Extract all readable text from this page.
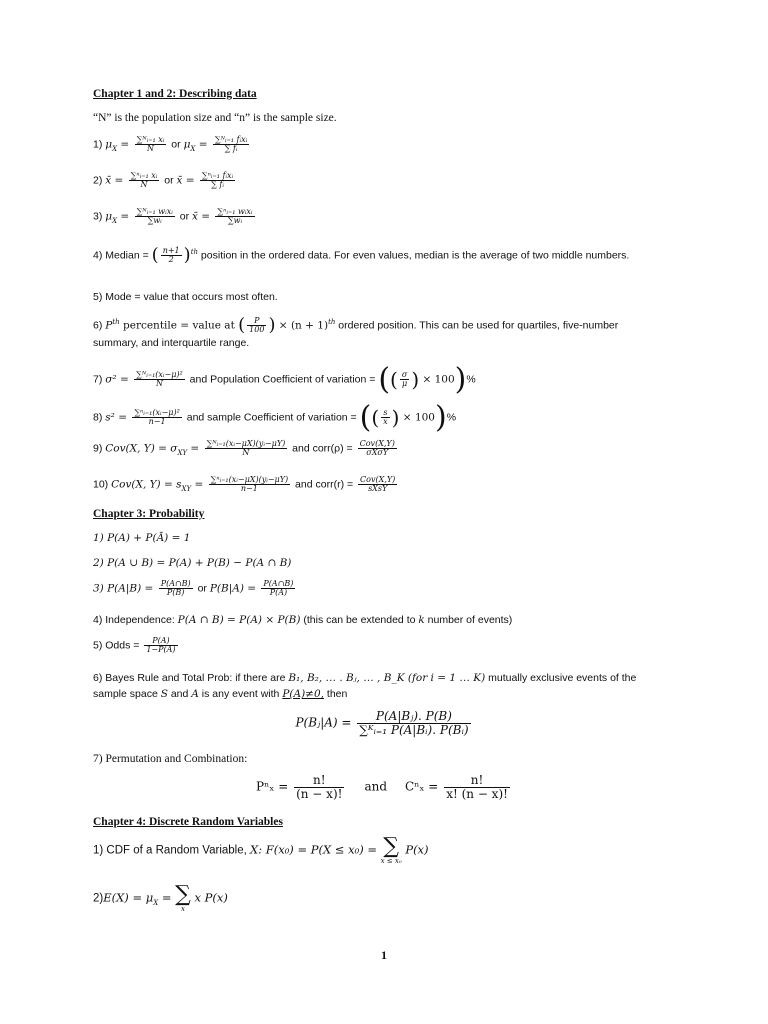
Chapter 1 and 2: Describing data
“N” is the population size and “n” is the sample size.
1) $\mu_X = \frac{\text{∑ᴺᵢ₌₁ xᵢ}}{N}$ or $\mu_X = \frac{\text{∑ᴺᵢ₌₁ fᵢxᵢ}}{\text{∑ fᵢ}}$
2) x̄ = $\frac{\text{∑ⁿᵢ₌₁ xᵢ}}{N}$ or x̄ = $\frac{\text{∑ⁿᵢ₌₁ fᵢxᵢ}}{\text{∑ fᵢ}}$
3) $\mu_X = \frac{\text{∑ᴺᵢ₌₁ wᵢxᵢ}}{\text{∑wᵢ}}$ or x̄ = $\frac{\text{∑ⁿᵢ₌₁ wᵢxᵢ}}{\text{∑wᵢ}}$
4) Median = ( $\frac{n+1}{2} )^{th}$ position in the ordered data. For even values, median is the average of two middle numbers.
5) Mode = value that occurs most often.
6) $P^{th}$ percentile = value at ( $\frac{P}{100}$ ) × $(n + 1)^{th}$ ordered position. This can be used for quartiles, five-number summary, and interquartile range.
7) $\sigma^2 = \frac{\text{∑ᴺᵢ₌₁(xᵢ−μ)²}}{N}$ and Population Coefficient of variation = (( $\frac{\sigma}{\mu}$ ) × 100)%
8) $s^2 = \frac{\text{∑ⁿᵢ₌₁(xᵢ−μ)²}}{n-1}$ and sample Coefficient of variation = (( $\frac{s}{x̄}$ ) × 100)%
9) Cov(X, $Y) = \sigma_{XY} = \frac{\text{∑ᴺᵢ₌₁(xᵢ−μX)(yᵢ−μY)}}{N}$ and corr(ρ) = $\frac{\text{Cov(X,Y)}}{\text{σXσY}}$
10) Cov(X, $Y) = s_{XY} = \frac{\text{∑ⁿᵢ₌₁(xᵢ−μX)(yᵢ−μY)}}{n-1}$ and corr(r) = $\frac{\text{Cov(X,Y)}}{\text{sXsY}}$
Chapter 3: Probability
1) P(A) + P(Ā) = 1
2) P(A ∪ B) = P(A) + P(B) − P(A ∩ B)
3) $P(A|B) = \frac{P(A\cap B)}{P(B)}$ or $P(B|A) = \frac{P(A\cap B)}{P(A)}$
4) Independence: P(A ∩ B) = P(A) × P(B) (this can be extended to k number of events)
5) Odds = $\frac{P(A)}{1-P(A)}$
6) Bayes Rule and Total Prob: if there are B₁, B₂, … . Bⱼ, … , B_K (for i = 1 … K) mutually exclusive events of the sample space S and A is any event with P(A)≠0, then
P(Bⱼ|A) = $\frac{\text{P(A|Bⱼ). P(B)}}{\text{∑ᴷᵢ₌₁ P(A|Bᵢ). P(Bᵢ)}}$
7) Permutation and Combination:
$P^n_x = \frac{n!}{(n - x)!}$ and $C^n_x = \frac{n!}{x! (n - x)!}$
Chapter 4: Discrete Random Variables
1) CDF of a Random Variable, X: F(x₀) = P(X ≤ x₀) = ∑
x ≤ x₀
P(x)
$2)E(X) = \mu_X$ = ∑
x
x P(x)
1
